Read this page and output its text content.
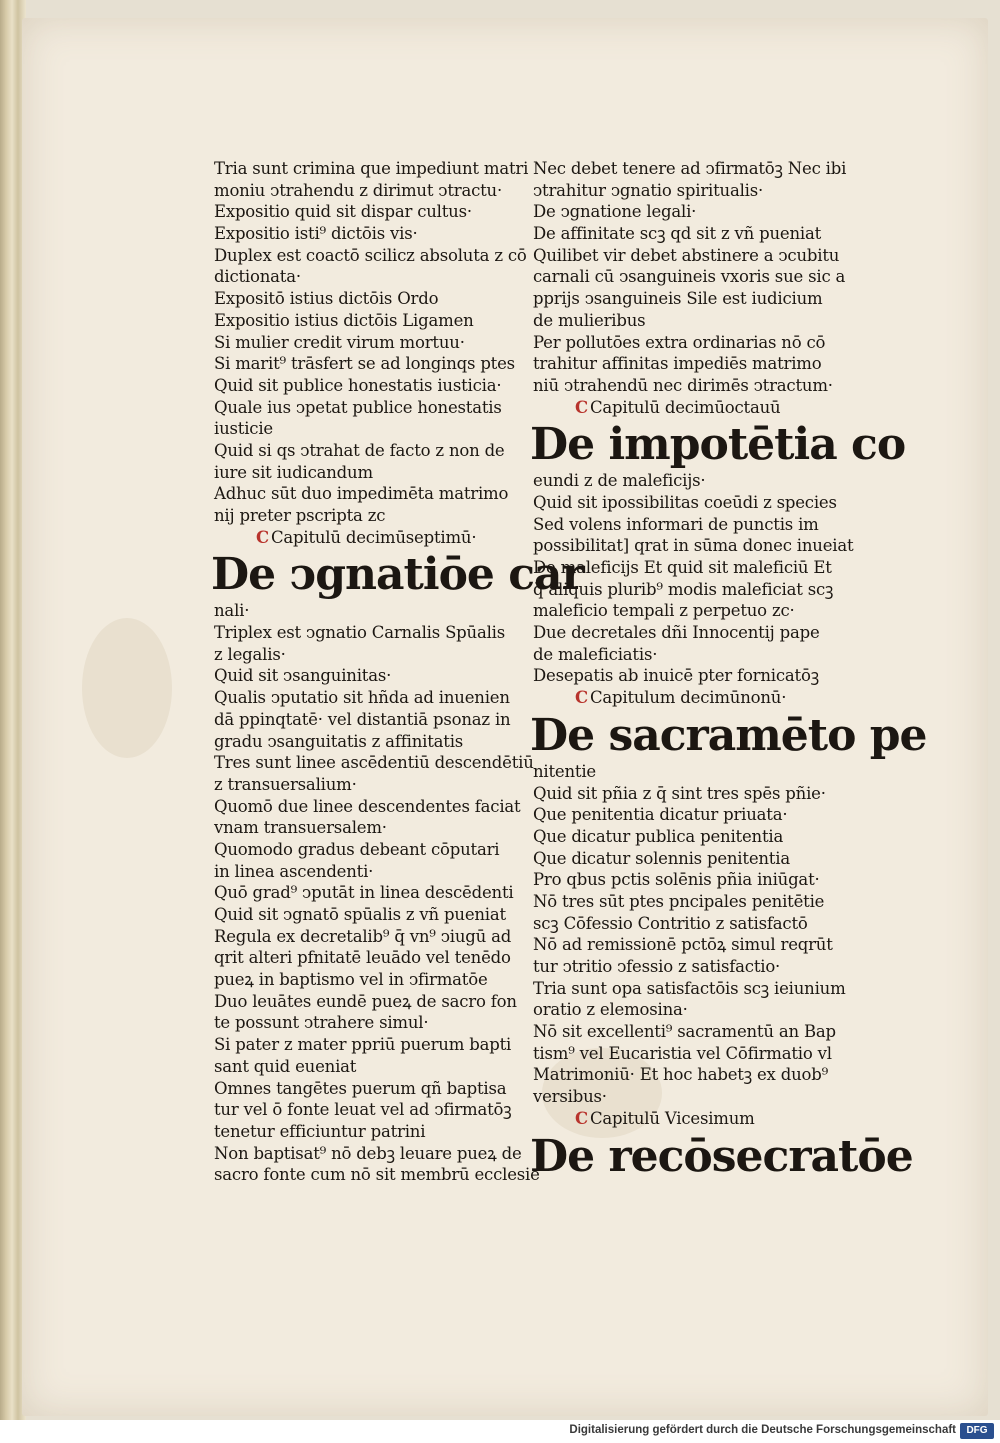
Tria sunt crimina que impediunt matri
moniu ↄtrahendu z dirimut ↄtractu·
Expositio quid sit dispar cultus·
Expositio isti⁹ dictōis vis·
Duplex est coactō scilicz absoluta z cō
dictionata·
Expositō istius dictōis Ordo
Expositio istius dictōis Ligamen
Si mulier credit virum mortuu·
Si marit⁹ trāsfert se ad longinqs ptes
Quid sit publice honestatis iusticia·
Quale ius ↄpetat publice honestatis
iusticie
Quid si qs ↄtrahat de facto z non de
iure sit iudicandum
Adhuc sūt duo impedimēta matrimo
nij preter pscripta zc
C Capitulū decimūseptimū·
De ↄgnatiōe car
nali·
Triplex est ↄgnatio Carnalis Spūalis
z legalis·
Quid sit ↄsanguinitas·
Qualis ↄputatio sit hñda ad inuenien
dā ppinqtatē· vel distantiā psonaz in
gradu ↄsanguitatis z affinitatis
Tres sunt linee ascēdentiū descendētiū
z transuersalium·
Quomō due linee descendentes faciat
vnam transuersalem·
Quomodo gradus debeant cōputari
in linea ascendenti·
Quō grad⁹ ↄputāt in linea descēdenti
Quid sit ↄgnatō spūalis z vñ pueniat
Regula ex decretalib⁹ q̄ vn⁹ ↄiugū ad
qrit alteri pfnitatē leuādo vel tenēdo
pueꝝ in baptismo vel in ↄfirmatōe
Duo leuātes eundē pueꝝ de sacro fon
te possunt ↄtrahere simul·
Si pater z mater ppriū puerum bapti
sant quid eueniat
Omnes tangētes puerum qñ baptisa
tur vel ō fonte leuat vel ad ↄfirmatōꝫ
tenetur efficiuntur patrini
Non baptisat⁹ nō debꝫ leuare pueꝝ de
sacro fonte cum nō sit membrū ecclesie
Nec debet tenere ad ↄfirmatōꝫ Nec ibi
ↄtrahitur ↄgnatio spiritualis·
De ↄgnatione legali·
De affinitate scꝫ qd sit z vñ pueniat
Quilibet vir debet abstinere a ↄcubitu
carnali cū ↄsanguineis vxoris sue sic a
pprijs ↄsanguineis Sile est iudicium
de mulieribus
Per pollutōes extra ordinarias nō cō
trahitur affinitas impediēs matrimo
niū ↄtrahendū nec dirimēs ↄtractum·
C Capitulū decimūoctauū
De impotētia co
eundi z de maleficijs·
Quid sit ipossibilitas coeūdi z species
Sed volens informari de punctis im
possibilitat] qrat in sūma donec inueiat
De maleficijs Et quid sit maleficiū Et
q̄ aliquis plurib⁹ modis maleficiat scꝫ
maleficio tempali z perpetuo zc·
Due decretales dñi Innocentij pape
de maleficiatis·
Desepatis ab inuicē pter fornicatōꝫ
C Capitulum decimūnonū·
De sacramēto pe
nitentie
Quid sit pñia z q̄ sint tres spēs pñie·
Que penitentia dicatur priuata·
Que dicatur publica penitentia
Que dicatur solennis penitentia
Pro qbus pctis solēnis pñia iniūgat·
Nō tres sūt ptes pncipales penitētie
scꝫ Cōfessio Contritio z satisfactō
Nō ad remissionē pctōꝝ simul reqrūt
tur ↄtritio ↄfessio z satisfactio·
Tria sunt opa satisfactōis scꝫ ieiunium
oratio z elemosina·
Nō sit excellenti⁹ sacramentū an Bap
tism⁹ vel Eucaristia vel Cōfirmatio vl
Matrimoniū· Et hoc habetꝫ ex duob⁹
versibus·
C Capitulū Vicesimum
De recōsecratōe
Digitalisierung gefördert durch die Deutsche Forschungsgemeinschaft	DFG
